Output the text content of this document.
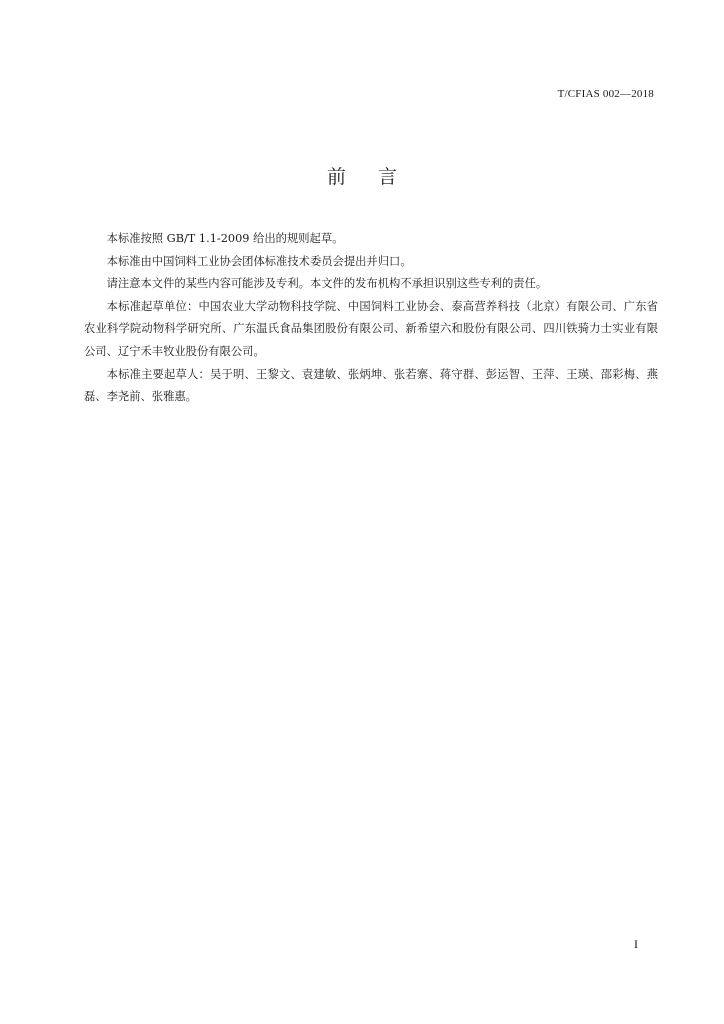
T/CFIAS 002—2018
前言

本标准按照 GB/T 1.1-2009 给出的规则起草。

本标准由中国饲料工业协会团体标准技术委员会提出并归口。

请注意本文件的某些内容可能涉及专利。本文件的发布机构不承担识别这些专利的责任。

本标准起草单位：中国农业大学动物科技学院、中国饲料工业协会、泰高营养科技（北京）有限公司、广东省农业科学院动物科学研究所、广东温氏食品集团股份有限公司、新希望六和股份有限公司、四川铁骑力士实业有限公司、辽宁禾丰牧业股份有限公司。

本标准主要起草人：吴于明、王黎文、袁建敏、张炳坤、张若寨、蒋守群、彭运智、王萍、王瑛、邵彩梅、燕磊、李尧前、张雅惠。

I
